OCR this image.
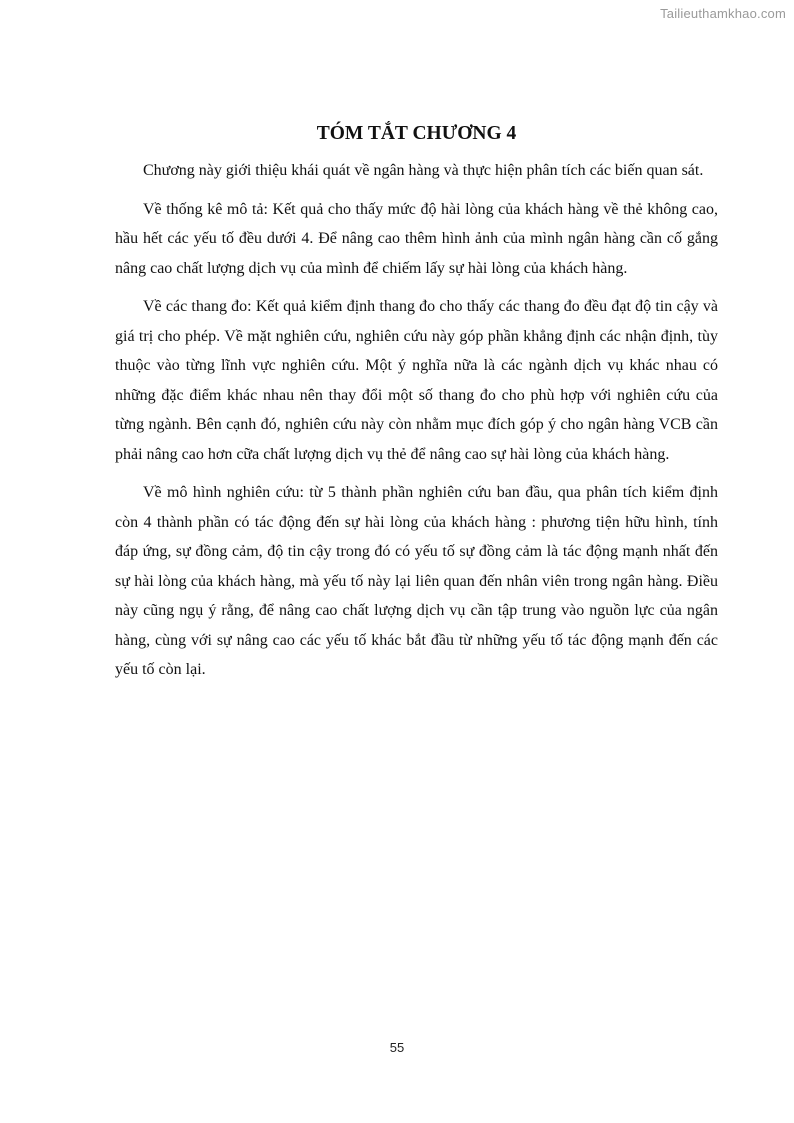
Tailieuthamkhao.com
TÓM TẮT CHƯƠNG 4

Chương này giới thiệu khái quát về ngân hàng và thực hiện phân tích các biến quan sát.

Về thống kê mô tả: Kết quả cho thấy mức độ hài lòng của khách hàng về thẻ không cao, hầu hết các yếu tố đều dưới 4. Để nâng cao thêm hình ảnh của mình ngân hàng cần cố gắng nâng cao chất lượng dịch vụ của mình để chiếm lấy sự hài lòng của khách hàng.

Về các thang đo: Kết quả kiểm định thang đo cho thấy các thang đo đều đạt độ tin cậy và giá trị cho phép. Về mặt nghiên cứu, nghiên cứu này góp phần khẳng định các nhận định, tùy thuộc vào từng lĩnh vực nghiên cứu. Một ý nghĩa nữa là các ngành dịch vụ khác nhau có những đặc điểm khác nhau nên thay đổi một số thang đo cho phù hợp với nghiên cứu của từng ngành. Bên cạnh đó, nghiên cứu này còn nhằm mục đích góp ý cho ngân hàng VCB cần phải nâng cao hơn cữa chất lượng dịch vụ thẻ để nâng cao sự hài lòng của khách hàng.

Về mô hình nghiên cứu: từ 5 thành phần nghiên cứu ban đầu, qua phân tích kiểm định còn 4 thành phần có tác động đến sự hài lòng của khách hàng : phương tiện hữu hình, tính đáp ứng, sự đồng cảm, độ tin cậy trong đó có yếu tố sự đồng cảm là tác động mạnh nhất đến sự hài lòng của khách hàng, mà yếu tố này lại liên quan đến nhân viên trong ngân hàng. Điều này cũng ngụ ý rằng, để nâng cao chất lượng dịch vụ cần tập trung vào nguồn lực của ngân hàng, cùng với sự nâng cao các yếu tố khác bắt đầu từ những yếu tố tác động mạnh đến các yếu tố còn lại.

55
